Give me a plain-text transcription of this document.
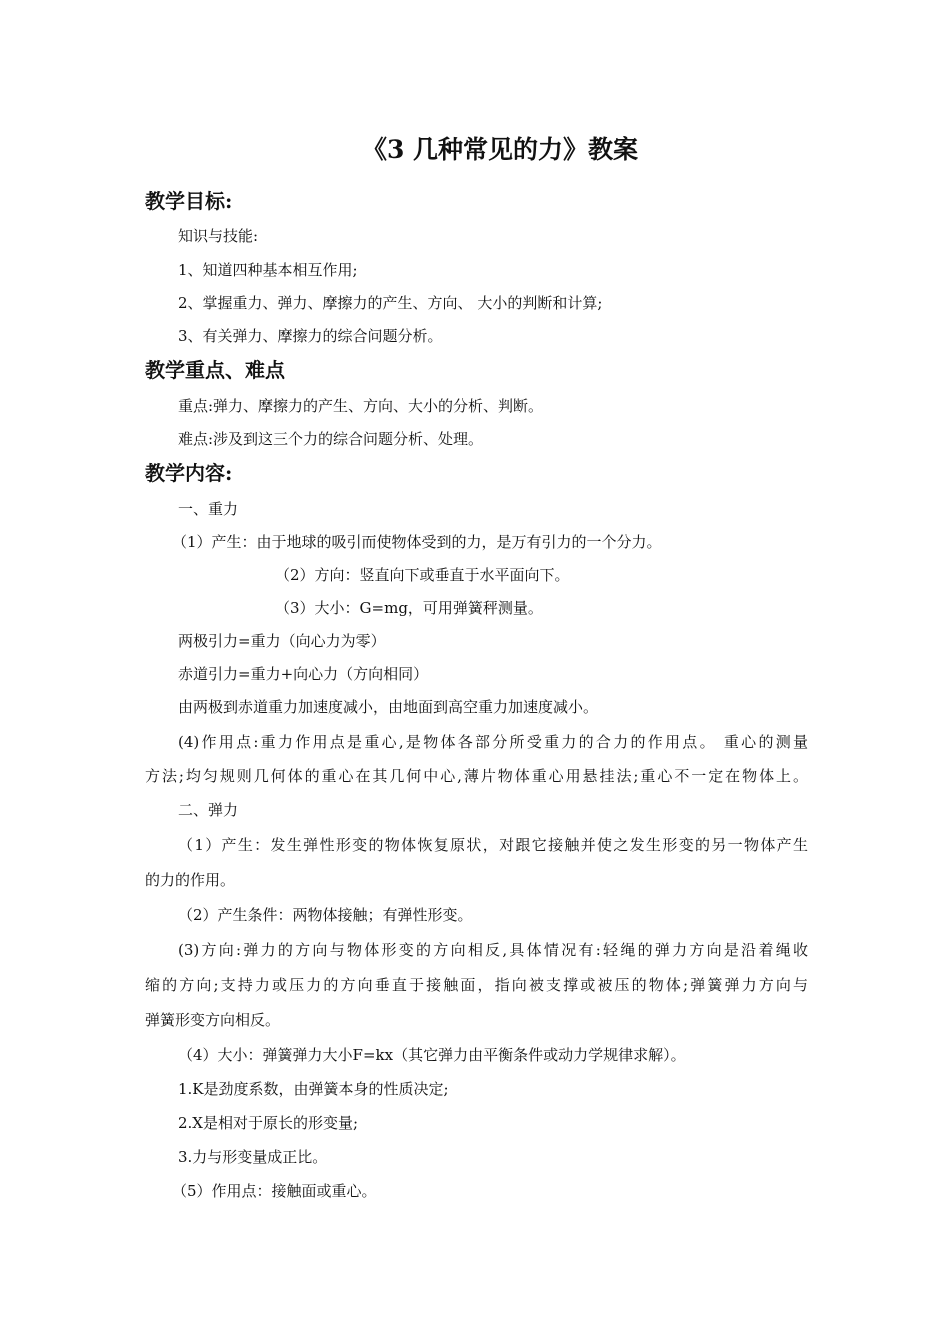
《3 几种常见的力》教案
教学目标:
知识与技能:
1、知道四种基本相互作用;
2、掌握重力、弹力、摩擦力的产生、方向、 大小的判断和计算;
3、有关弹力、摩擦力的综合问题分析。
教学重点、难点
重点:弹力、摩擦力的产生、方向、大小的分析、判断。
难点:涉及到这三个力的综合问题分析、处理。
教学内容:
一、重力
（1）产生：由于地球的吸引而使物体受到的力，是万有引力的一个分力。
（2）方向：竖直向下或垂直于水平面向下。
（3）大小：G=mg，可用弹簧秤测量。
两极引力=重力（向心力为零）
赤道引力=重力+向心力（方向相同）
由两极到赤道重力加速度减小，由地面到高空重力加速度减小。
(4)作用点:重力作用点是重心,是物体各部分所受重力的合力的作用点。 重心的测量
方法;均匀规则几何体的重心在其几何中心,薄片物体重心用悬挂法;重心不一定在物体上。
二、弹力
（1）产生：发生弹性形变的物体恢复原状，对跟它接触并使之发生形变的另一物体产生
的力的作用。
（2）产生条件：两物体接触；有弹性形变。
(3)方向:弹力的方向与物体形变的方向相反,具体情况有:轻绳的弹力方向是沿着绳收
缩的方向;支持力或压力的方向垂直于接触面，指向被支撑或被压的物体;弹簧弹力方向与
弹簧形变方向相反。
（4）大小：弹簧弹力大小F=kx（其它弹力由平衡条件或动力学规律求解）。
1.K是劲度系数，由弹簧本身的性质决定;
2.X是相对于原长的形变量;
3.力与形变量成正比。
（5）作用点：接触面或重心。
